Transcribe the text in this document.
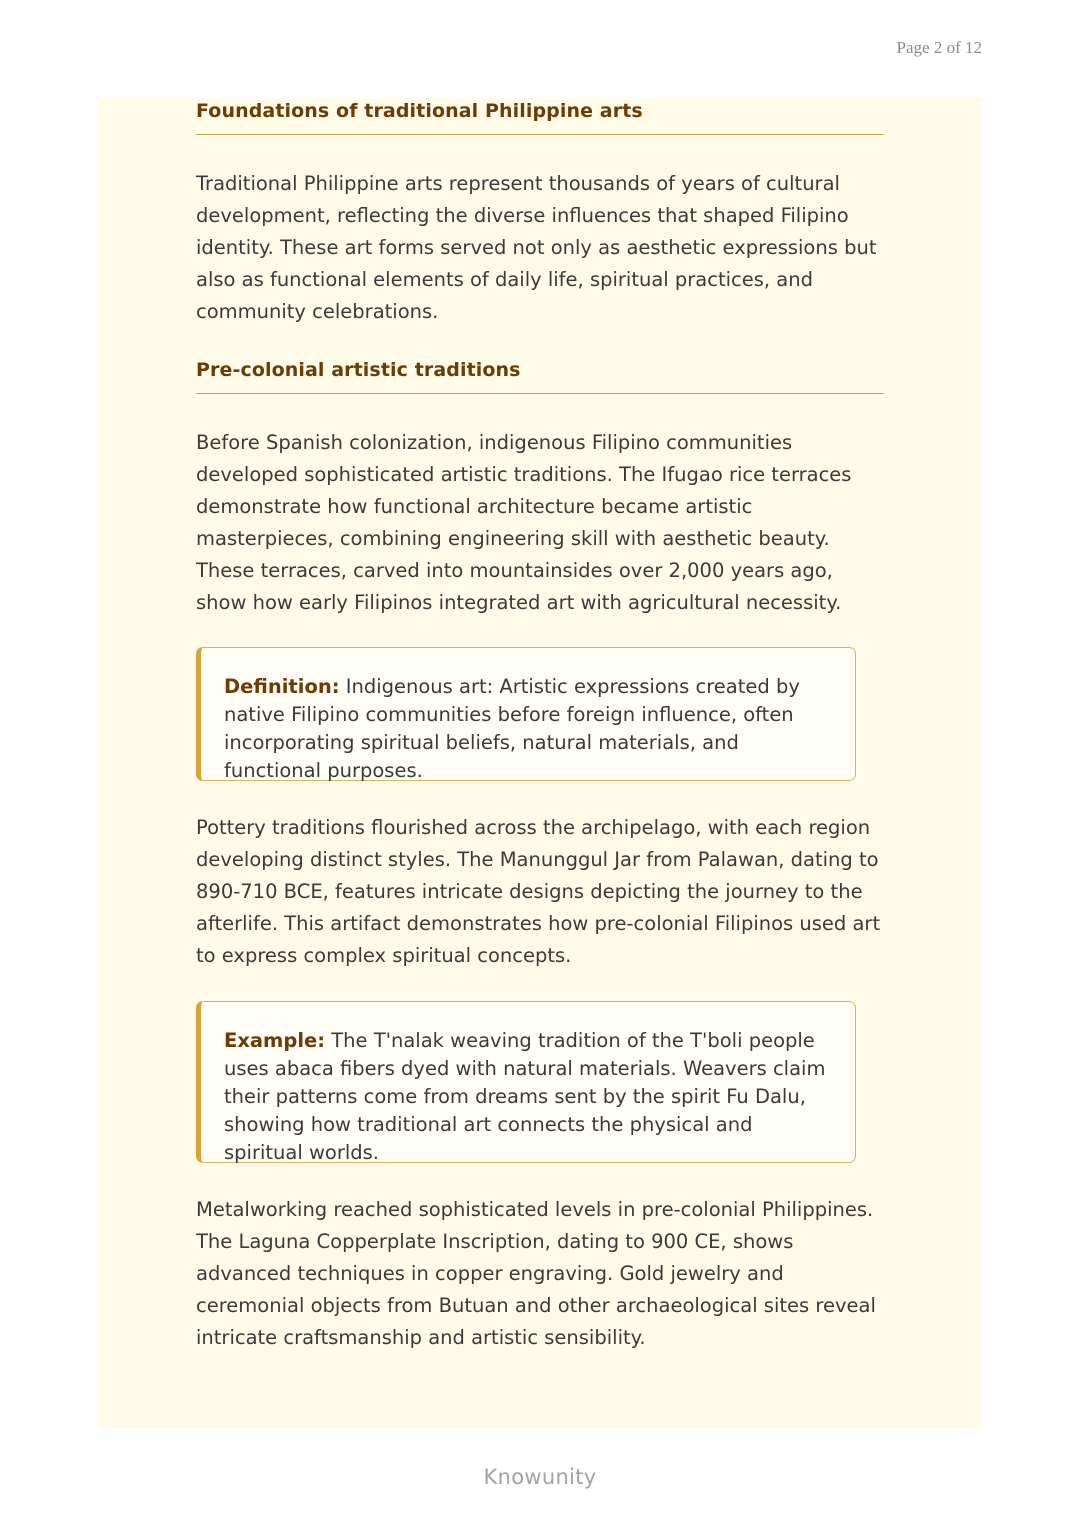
Page 2 of 12
Foundations of traditional Philippine arts

Traditional Philippine arts represent thousands of years of cultural development, reflecting the diverse influences that shaped Filipino identity. These art forms served not only as aesthetic expressions but also as functional elements of daily life, spiritual practices, and community celebrations.

Pre-colonial artistic traditions

Before Spanish colonization, indigenous Filipino communities developed sophisticated artistic traditions. The Ifugao rice terraces demonstrate how functional architecture became artistic masterpieces, combining engineering skill with aesthetic beauty. These terraces, carved into mountainsides over 2,000 years ago, show how early Filipinos integrated art with agricultural necessity.

Definition: Indigenous art: Artistic expressions created by native Filipino communities before foreign influence, often incorporating spiritual beliefs, natural materials, and functional purposes.

Pottery traditions flourished across the archipelago, with each region developing distinct styles. The Manunggul Jar from Palawan, dating to 890-710 BCE, features intricate designs depicting the journey to the afterlife. This artifact demonstrates how pre-colonial Filipinos used art to express complex spiritual concepts.

Example: The T'nalak weaving tradition of the T'boli people uses abaca fibers dyed with natural materials. Weavers claim their patterns come from dreams sent by the spirit Fu Dalu, showing how traditional art connects the physical and spiritual worlds.

Metalworking reached sophisticated levels in pre-colonial Philippines. The Laguna Copperplate Inscription, dating to 900 CE, shows advanced techniques in copper engraving. Gold jewelry and ceremonial objects from Butuan and other archaeological sites reveal intricate craftsmanship and artistic sensibility.

Knowunity
